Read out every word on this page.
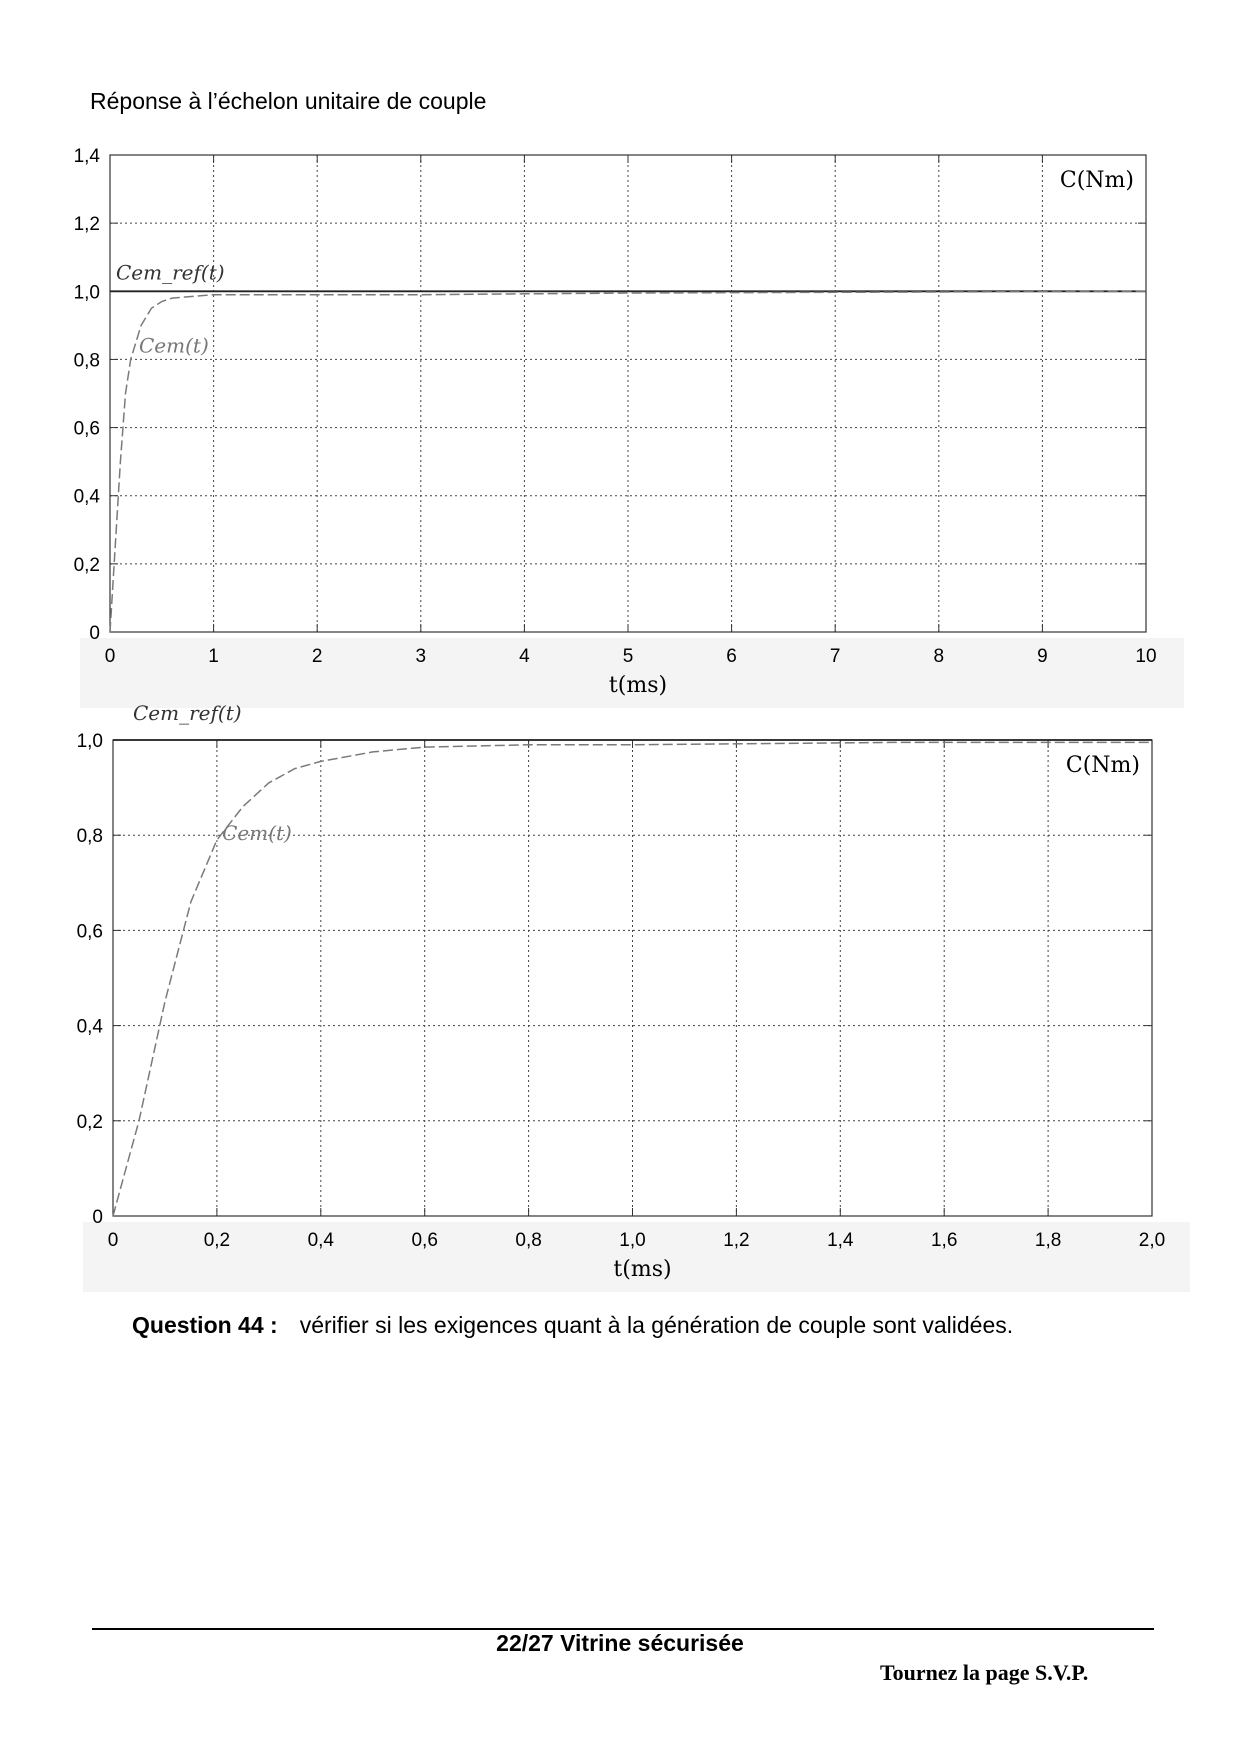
Réponse à l’échelon unitaire de couple
0	1	2	3	4	5	6	7	8	9	10
0
0,2
0,4
0,6
0,8
1,0
1,2
1,4
t(ms)
C(Nm)
Cem_ref(t)
Cem(t)
0	0,2	0,4	0,6	0,8	1,0	1,2	1,4	1,6	1,8	2,0
0
0,2
0,4
0,6
0,8
1,0
t(ms)
C(Nm)
Cem_ref(t)
Cem(t)
Question 44 : vérifier si les exigences quant à la génération de couple sont validées.
22/27 Vitrine sécurisée
Tournez la page S.V.P.
